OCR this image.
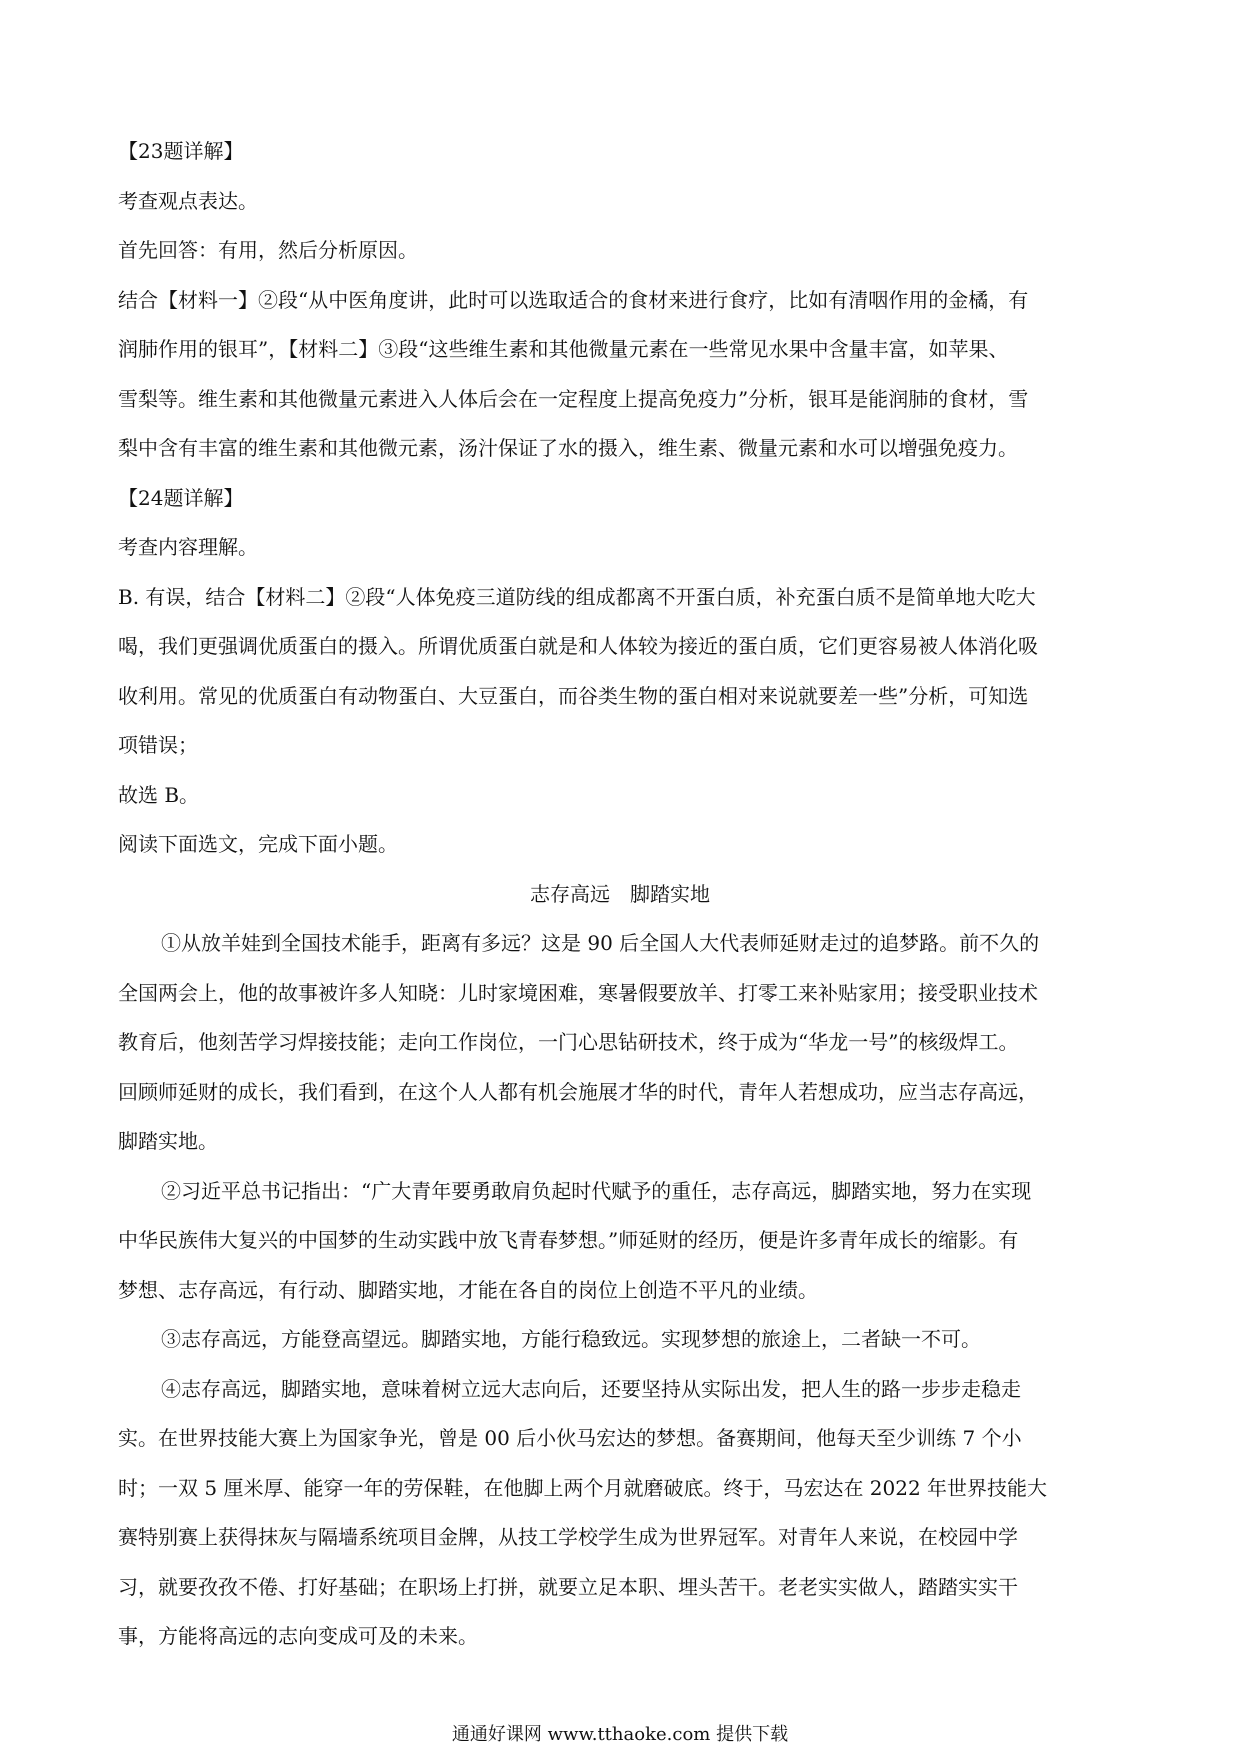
【23题详解】

考查观点表达。

首先回答：有用，然后分析原因。

结合【材料一】②段“从中医角度讲，此时可以选取适合的食材来进行食疗，比如有清咽作用的金橘，有

润肺作用的银耳”，【材料二】③段“这些维生素和其他微量元素在一些常见水果中含量丰富，如苹果、

雪梨等。维生素和其他微量元素进入人体后会在一定程度上提高免疫力”分析，银耳是能润肺的食材，雪

梨中含有丰富的维生素和其他微元素，汤汁保证了水的摄入，维生素、微量元素和水可以增强免疫力。

【24题详解】

考查内容理解。

B. 有误，结合【材料二】②段“人体免疫三道防线的组成都离不开蛋白质，补充蛋白质不是简单地大吃大

喝，我们更强调优质蛋白的摄入。所谓优质蛋白就是和人体较为接近的蛋白质，它们更容易被人体消化吸

收利用。常见的优质蛋白有动物蛋白、大豆蛋白，而谷类生物的蛋白相对来说就要差一些”分析，可知选

项错误；

故选 B。

阅读下面选文，完成下面小题。

志存高远　脚踏实地

①从放羊娃到全国技术能手，距离有多远？这是 90 后全国人大代表师延财走过的追梦路。前不久的

全国两会上，他的故事被许多人知晓：儿时家境困难，寒暑假要放羊、打零工来补贴家用；接受职业技术

教育后，他刻苦学习焊接技能；走向工作岗位，一门心思钻研技术，终于成为“华龙一号”的核级焊工。

回顾师延财的成长，我们看到，在这个人人都有机会施展才华的时代，青年人若想成功，应当志存高远，

脚踏实地。

②习近平总书记指出：“广大青年要勇敢肩负起时代赋予的重任，志存高远，脚踏实地，努力在实现

中华民族伟大复兴的中国梦的生动实践中放飞青春梦想。”师延财的经历，便是许多青年成长的缩影。有

梦想、志存高远，有行动、脚踏实地，才能在各自的岗位上创造不平凡的业绩。

③志存高远，方能登高望远。脚踏实地，方能行稳致远。实现梦想的旅途上，二者缺一不可。

④志存高远，脚踏实地，意味着树立远大志向后，还要坚持从实际出发，把人生的路一步步走稳走

实。在世界技能大赛上为国家争光，曾是 00 后小伙马宏达的梦想。备赛期间，他每天至少训练 7 个小

时；一双 5 厘米厚、能穿一年的劳保鞋，在他脚上两个月就磨破底。终于，马宏达在 2022 年世界技能大

赛特别赛上获得抹灰与隔墙系统项目金牌，从技工学校学生成为世界冠军。对青年人来说，在校园中学

习，就要孜孜不倦、打好基础；在职场上打拼，就要立足本职、埋头苦干。老老实实做人，踏踏实实干

事，方能将高远的志向变成可及的未来。

通通好课网 www.tthaoke.com 提供下载
